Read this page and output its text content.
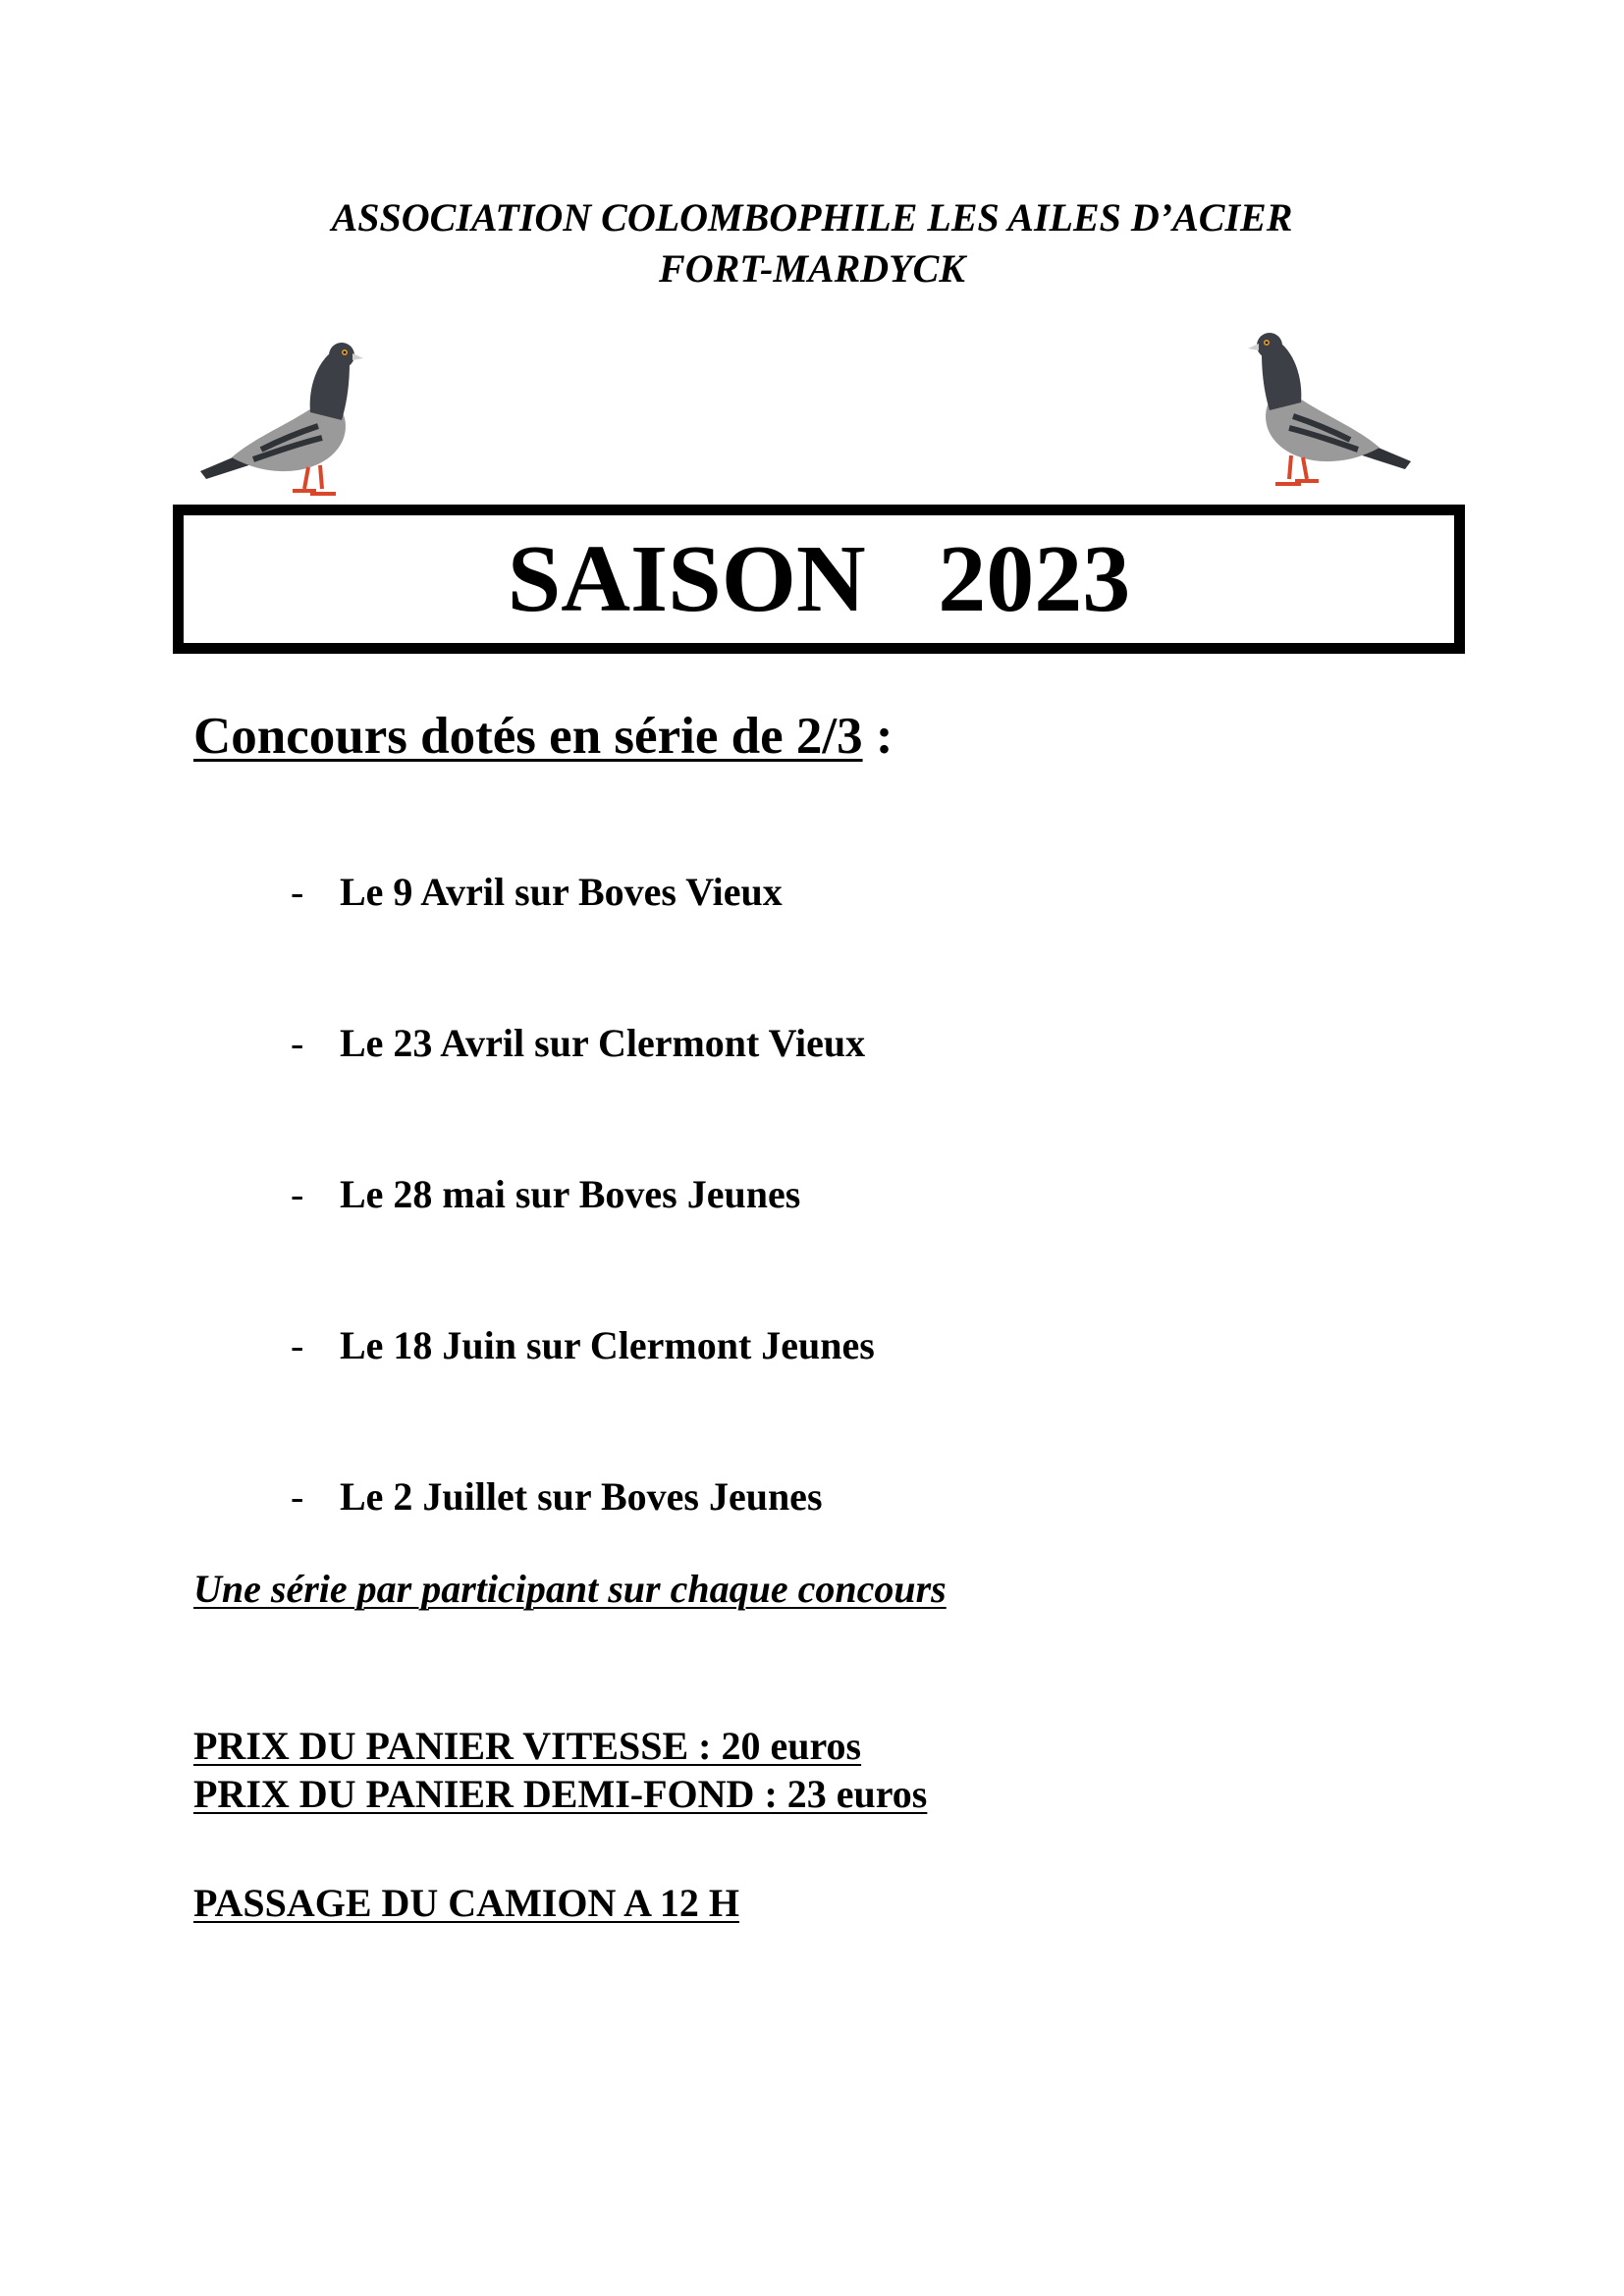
ASSOCIATION COLOMBOPHILE LES AILES D’ACIER
FORT-MARDYCK
SAISON   2023
Concours dotés en série de 2/3 :
- Le 9 Avril sur Boves Vieux
- Le 23 Avril sur Clermont Vieux
- Le 28 mai sur Boves Jeunes
- Le 18 Juin sur Clermont Jeunes
- Le 2 Juillet sur Boves Jeunes
Une série par participant sur chaque concours
PRIX DU PANIER VITESSE : 20 euros
PRIX DU PANIER DEMI-FOND : 23 euros
PASSAGE DU CAMION A 12 H
